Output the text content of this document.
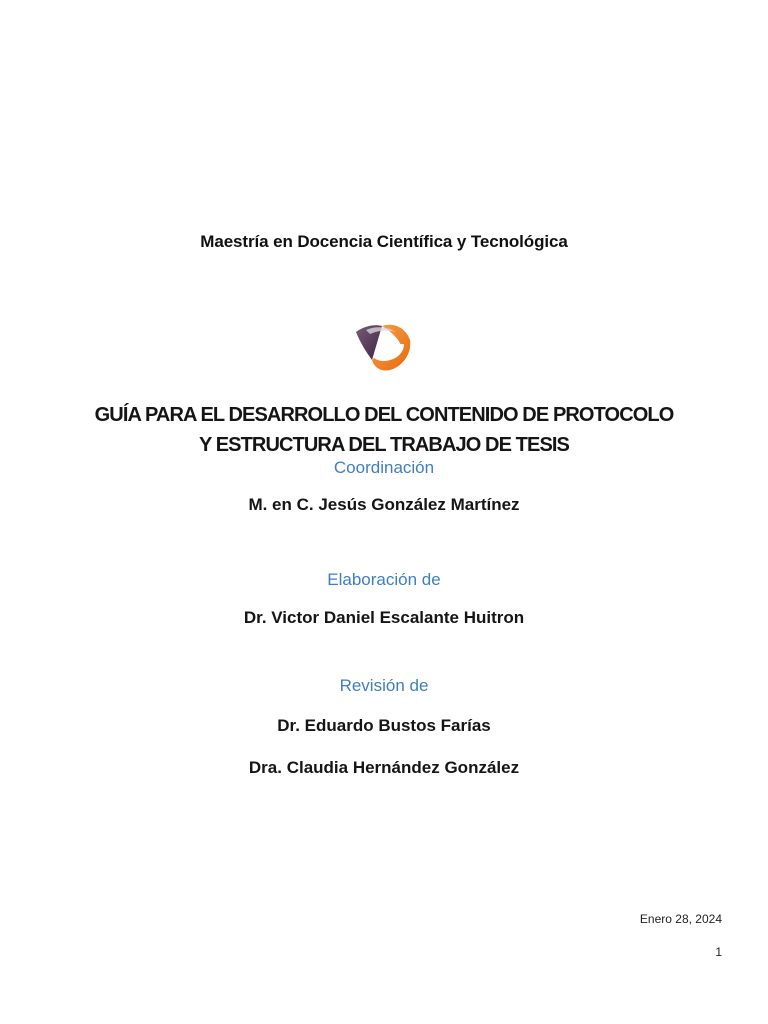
Maestría en Docencia Científica y Tecnológica
GUÍA PARA EL DESARROLLO DEL CONTENIDO DE PROTOCOLO
Y ESTRUCTURA DEL TRABAJO DE TESIS
Coordinación
M. en C. Jesús González Martínez
Elaboración de
Dr. Victor Daniel Escalante Huitron
Revisión de
Dr. Eduardo Bustos Farías
Dra. Claudia Hernández González
Enero 28, 2024
1
